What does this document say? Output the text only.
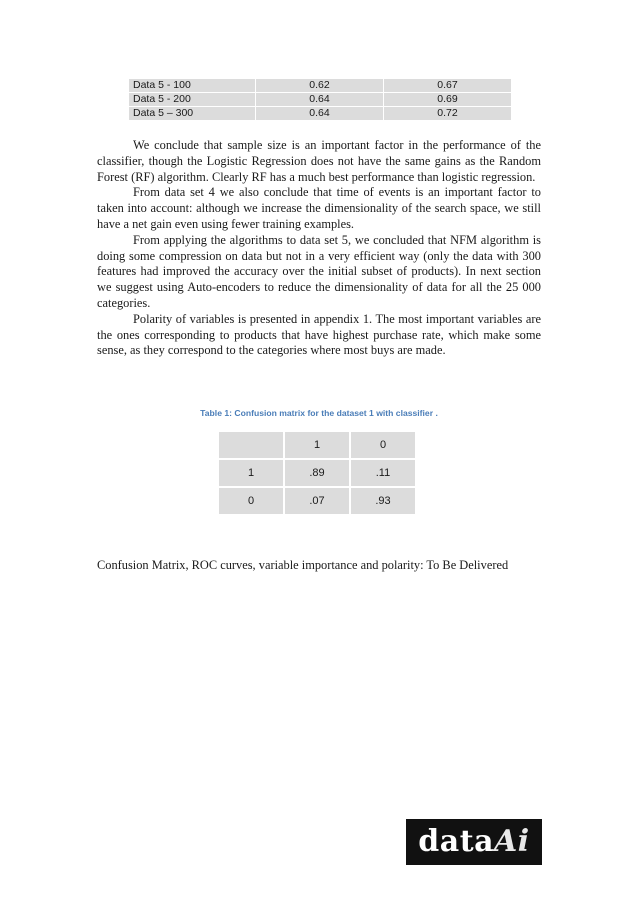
Data 5 - 100	0.62	0.67
Data 5 - 200	0.64	0.69
Data 5 – 300	0.64	0.72

We conclude that sample size is an important factor in the performance of the classifier, though the Logistic Regression does not have the same gains as the Random Forest (RF) algorithm. Clearly RF has a much best performance than logistic regression.

From data set 4 we also conclude that time of events is an important factor to taken into account: although we increase the dimensionality of the search space, we still have a net gain even using fewer training examples.

From applying the algorithms to data set 5, we concluded that NFM algorithm is doing some compression on data but not in a very efficient way (only the data with 300 features had improved the accuracy over the initial subset of products). In next section we suggest using Auto-encoders to reduce the dimensionality of data for all the 25 000 categories.

Polarity of variables is presented in appendix 1. The most important variables are the ones corresponding to products that have highest purchase rate, which make some sense, as they correspond to the categories where most buys are made.

Table 1: Confusion matrix for the dataset 1 with classifier .
	1	0
1	.89	.11
0	.07	.93

Confusion Matrix, ROC curves, variable importance and polarity: To Be Delivered

dataAi
